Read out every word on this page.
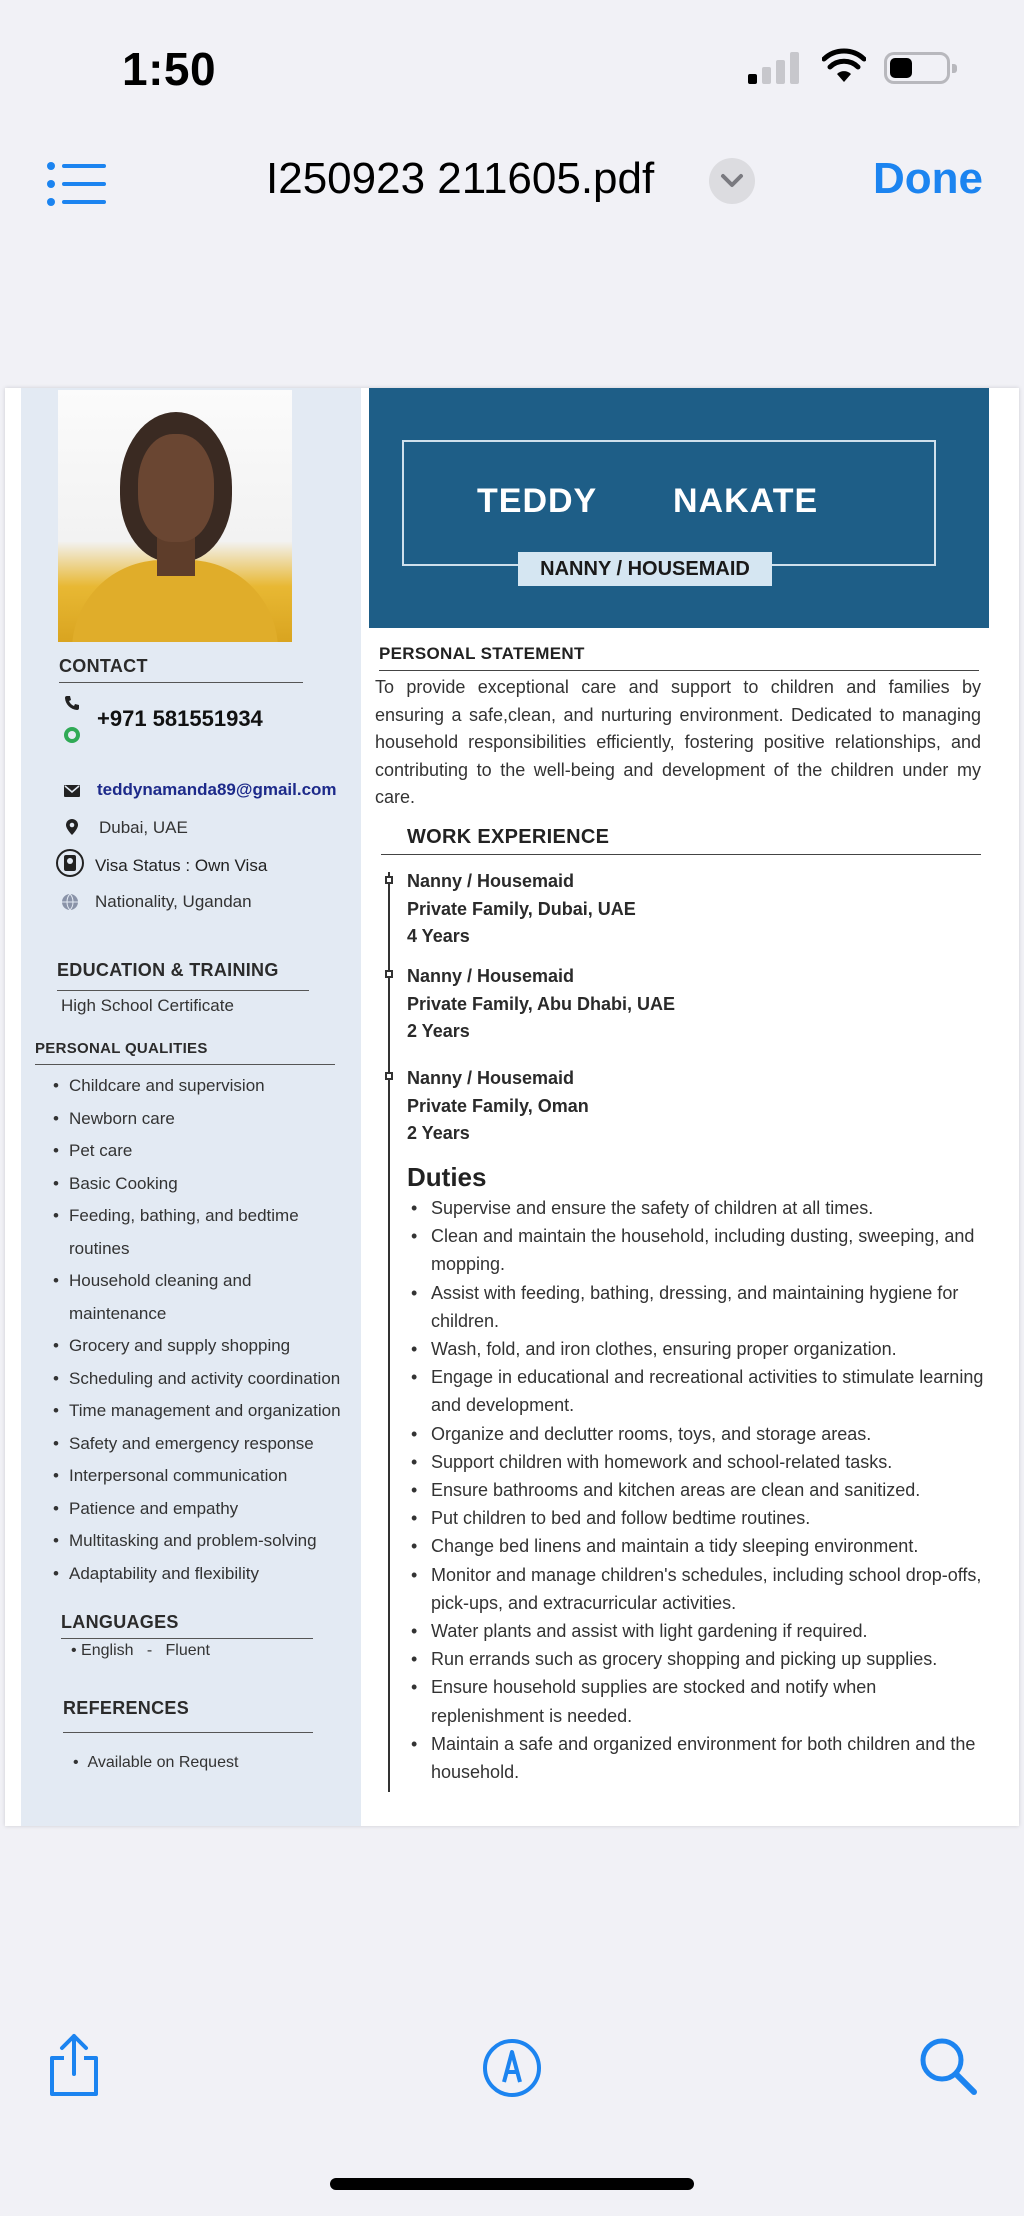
1:50
I250923 211605.pdf	Done
CONTACT
+971 581551934
teddynamanda89@gmail.com
Dubai, UAE
Visa Status : Own Visa
Nationality, Ugandan
EDUCATION & TRAINING
High School Certificate
PERSONAL QUALITIES
• Childcare and supervision
• Newborn care
• Pet care
• Basic Cooking
• Feeding, bathing, and bedtime routines
• Household cleaning and maintenance
• Grocery and supply shopping
• Scheduling and activity coordination
• Time management and organization
• Safety and emergency response
• Interpersonal communication
• Patience and empathy
• Multitasking and problem-solving
• Adaptability and flexibility
LANGUAGES
• English   -   Fluent
REFERENCES
•  Available on Request
TEDDY NAKATE
NANNY / HOUSEMAID
PERSONAL STATEMENT
To provide exceptional care and support to children and families by ensuring a safe,clean, and nurturing environment. Dedicated to managing household responsibilities efficiently, fostering positive relationships, and contributing to the well-being and development of the children under my care.
WORK EXPERIENCE
Nanny / Housemaid
Private Family, Dubai, UAE
4 Years
Nanny / Housemaid
Private Family, Abu Dhabi, UAE
2 Years
Nanny / Housemaid
Private Family, Oman
2 Years
Duties
• Supervise and ensure the safety of children at all times.
• Clean and maintain the household, including dusting, sweeping, and mopping.
• Assist with feeding, bathing, dressing, and maintaining hygiene for children.
• Wash, fold, and iron clothes, ensuring proper organization.
• Engage in educational and recreational activities to stimulate learning and development.
• Organize and declutter rooms, toys, and storage areas.
• Support children with homework and school-related tasks.
• Ensure bathrooms and kitchen areas are clean and sanitized.
• Put children to bed and follow bedtime routines.
• Change bed linens and maintain a tidy sleeping environment.
• Monitor and manage children's schedules, including school drop-offs, pick-ups, and extracurricular activities.
• Water plants and assist with light gardening if required.
• Run errands such as grocery shopping and picking up supplies.
• Ensure household supplies are stocked and notify when replenishment is needed.
• Maintain a safe and organized environment for both children and the household.
